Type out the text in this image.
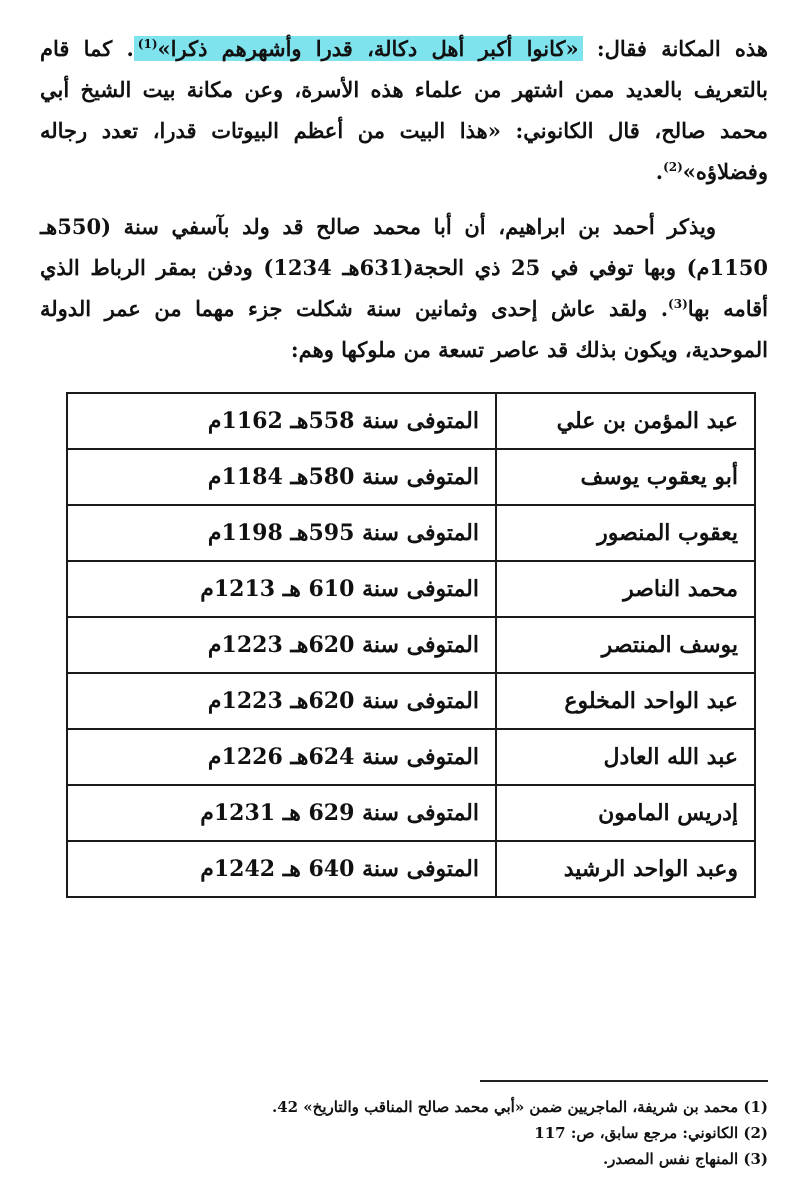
هذه المكانة فقال: «كانوا أكبر أهل دكالة، قدرا وأشهرهم ذكرا»$^{(1)}$. كما قام بالتعريف بالعديد ممن اشتهر من علماء هذه الأسرة، وعن مكانة بيت الشيخ أبي محمد صالح، قال الكانوني: «هذا البيت من أعظم البيوتات قدرا، تعدد رجاله وفضلاؤه»$^{(2)}$.

ويذكر أحمد بن ابراهيم، أن أبا محمد صالح قد ولد بآسفي سنة (550هـ 1150م) وبها توفي في 25 ذي الحجة(631هـ 1234) ودفن بمقر الرباط الذي أقامه بها$^{(3)}$. ولقد عاش إحدى وثمانين سنة شكلت جزء مهما من عمر الدولة الموحدية، ويكون بذلك قد عاصر تسعة من ملوكها وهم:

عبد المؤمن بن علي	المتوفى سنة 558هـ 1162م
أبو يعقوب يوسف	المتوفى سنة 580هـ 1184م
يعقوب المنصور	المتوفى سنة 595هـ 1198م
محمد الناصر	المتوفى سنة 610 هـ 1213م
يوسف المنتصر	المتوفى سنة 620هـ 1223م
عبد الواحد المخلوع	المتوفى سنة 620هـ 1223م
عبد الله العادل	المتوفى سنة 624هـ 1226م
إدريس المامون	المتوفى سنة 629 هـ 1231م
وعبد الواحد الرشيد	المتوفى سنة 640 هـ 1242م
(1) محمد بن شريفة، الماجريين ضمن «أبي محمد صالح المناقب والتاريخ» 42.
(2) الكانوني: مرجع سابق، ص: 117
(3) المنهاج نفس المصدر.
